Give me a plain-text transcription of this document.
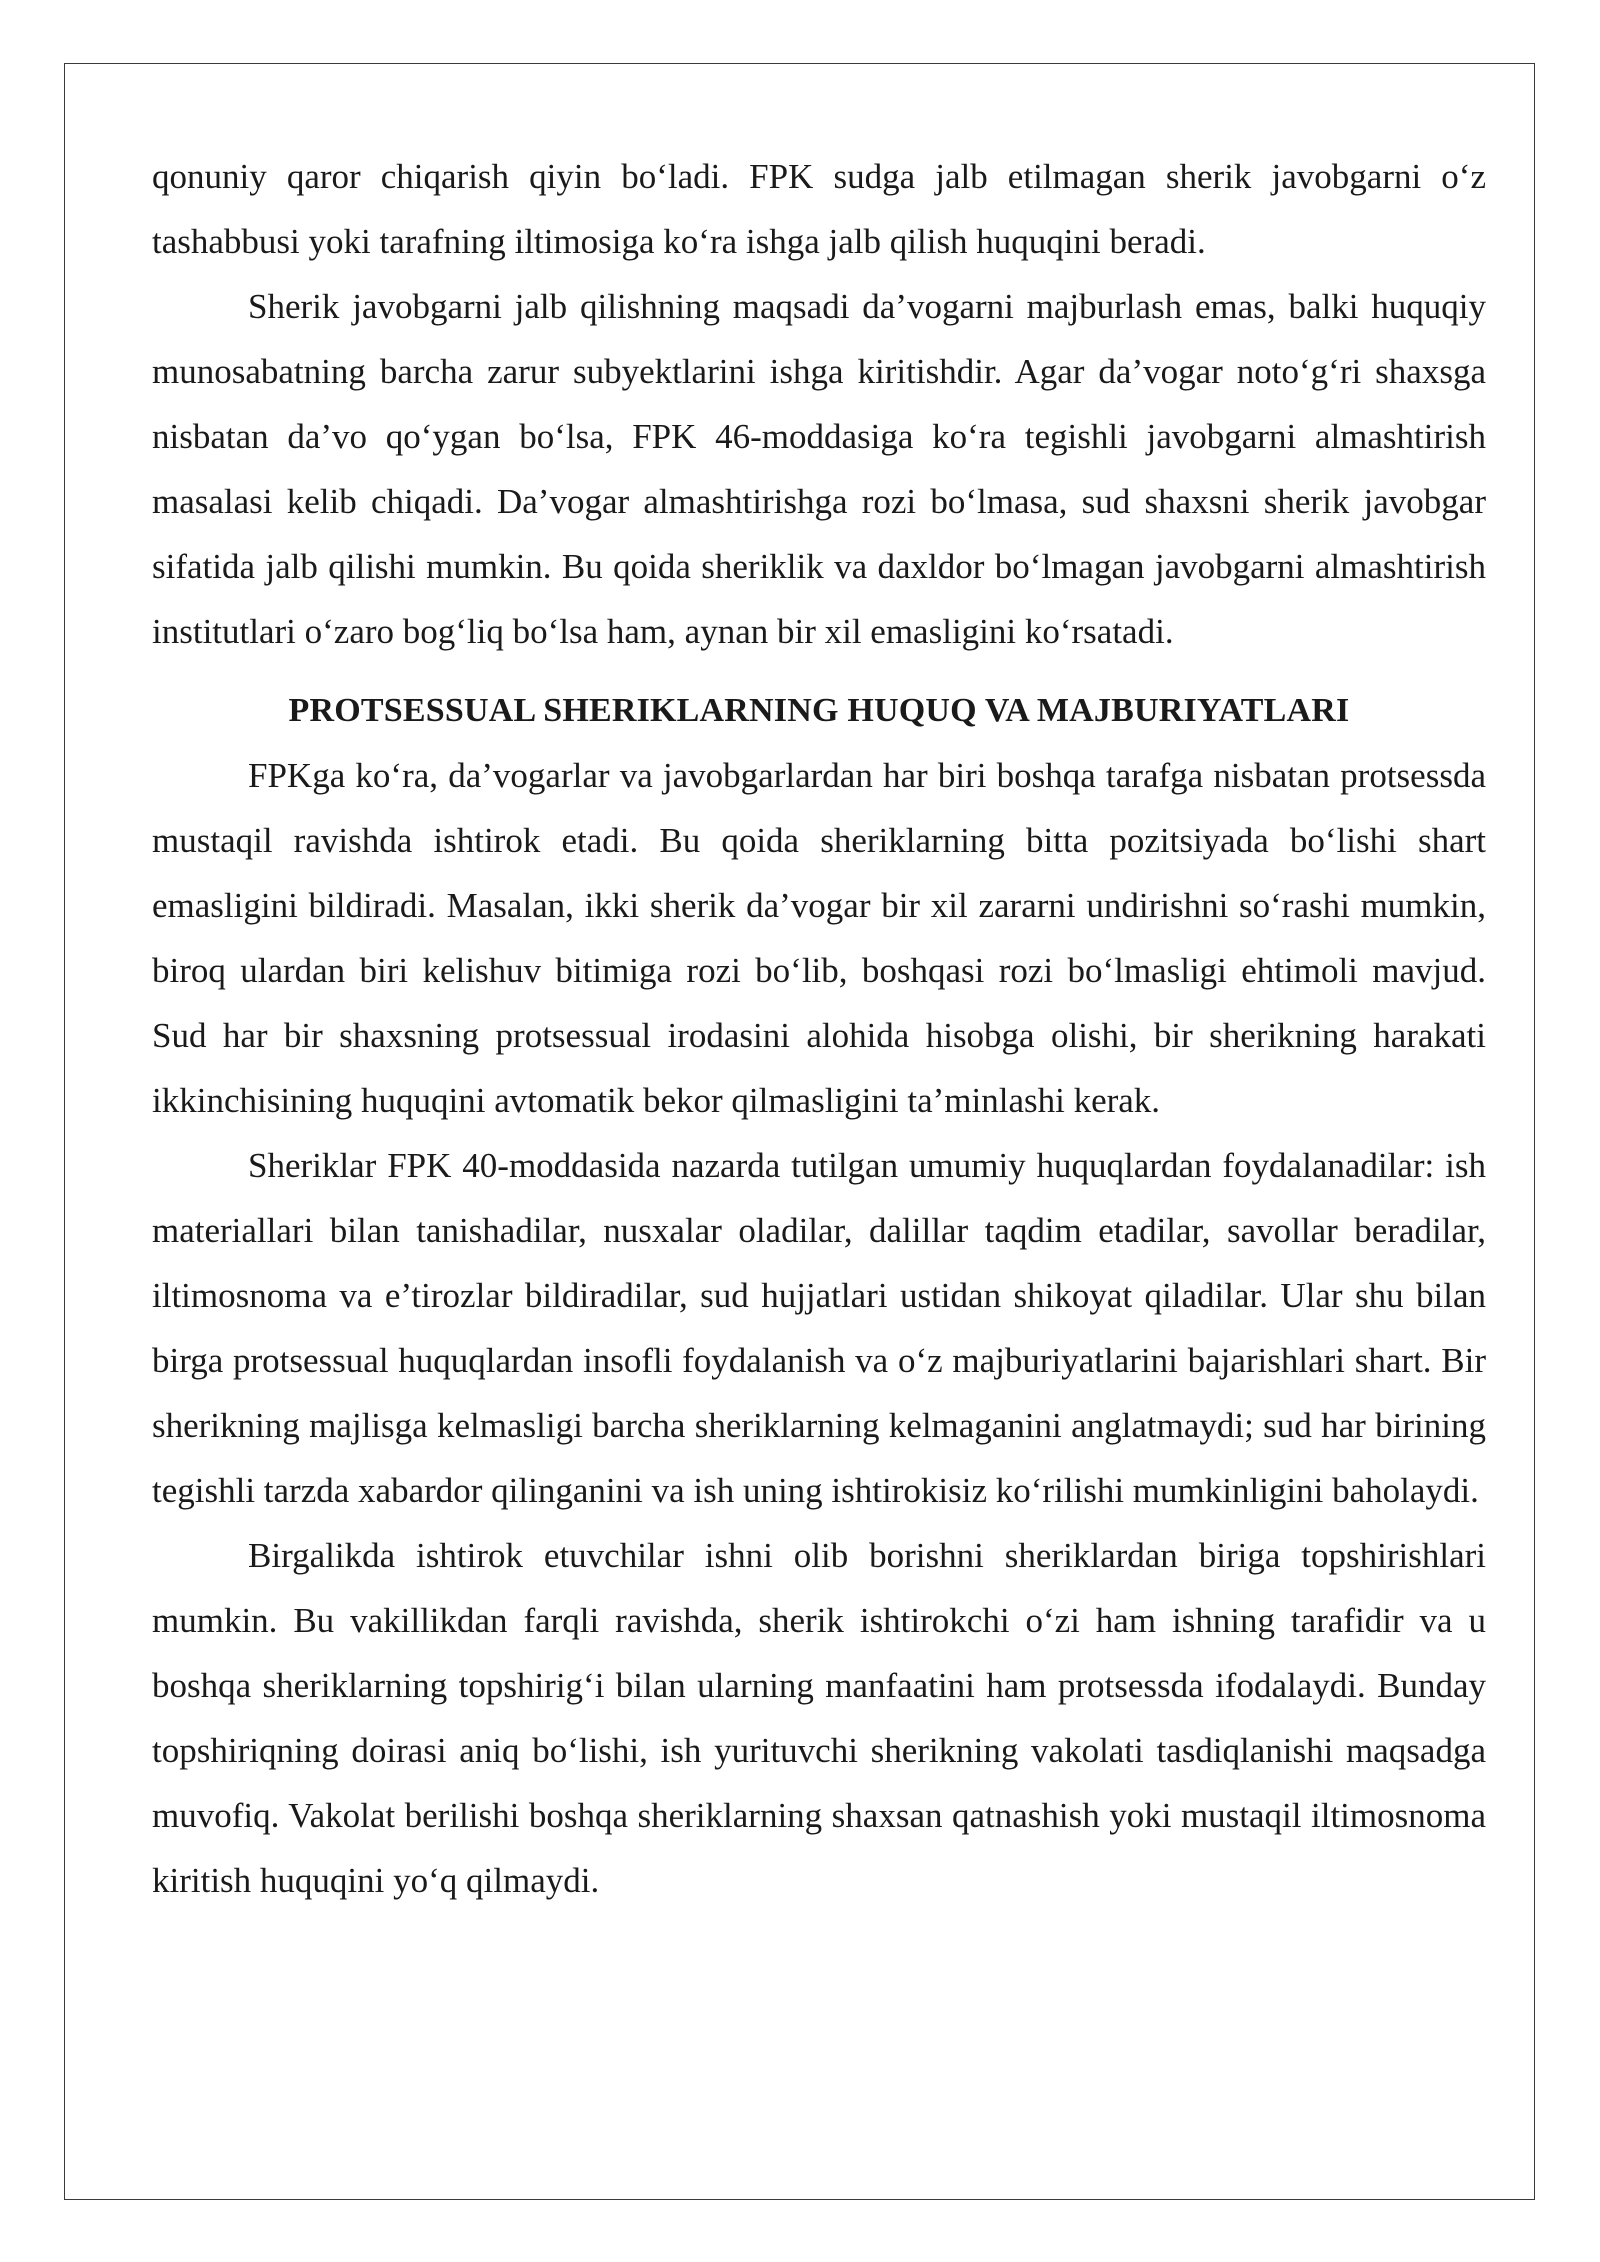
qonuniy qaror chiqarish qiyin boʻladi. FPK sudga jalb etilmagan sherik javobgarni oʻz tashabbusi yoki tarafning iltimosiga koʻra ishga jalb qilish huquqini beradi.

Sherik javobgarni jalb qilishning maqsadi da’vogarni majburlash emas, balki huquqiy munosabatning barcha zarur subyektlarini ishga kiritishdir. Agar da’vogar notoʻgʻri shaxsga nisbatan da’vo qoʻygan boʻlsa, FPK 46-moddasiga koʻra tegishli javobgarni almashtirish masalasi kelib chiqadi. Da’vogar almashtirishga rozi boʻlmasa, sud shaxsni sherik javobgar sifatida jalb qilishi mumkin. Bu qoida sheriklik va daxldor boʻlmagan javobgarni almashtirish institutlari oʻzaro bogʻliq boʻlsa ham, aynan bir xil emasligini koʻrsatadi.

PROTSESSUAL SHERIKLARNING HUQUQ VA MAJBURIYATLARI

FPKga koʻra, da’vogarlar va javobgarlardan har biri boshqa tarafga nisbatan protsessda mustaqil ravishda ishtirok etadi. Bu qoida sheriklarning bitta pozitsiyada boʻlishi shart emasligini bildiradi. Masalan, ikki sherik da’vogar bir xil zararni undirishni soʻrashi mumkin, biroq ulardan biri kelishuv bitimiga rozi boʻlib, boshqasi rozi boʻlmasligi ehtimoli mavjud. Sud har bir shaxsning protsessual irodasini alohida hisobga olishi, bir sherikning harakati ikkinchisining huquqini avtomatik bekor qilmasligini ta’minlashi kerak.

Sheriklar FPK 40-moddasida nazarda tutilgan umumiy huquqlardan foydalanadilar: ish materiallari bilan tanishadilar, nusxalar oladilar, dalillar taqdim etadilar, savollar beradilar, iltimosnoma va e’tirozlar bildiradilar, sud hujjatlari ustidan shikoyat qiladilar. Ular shu bilan birga protsessual huquqlardan insofli foydalanish va oʻz majburiyatlarini bajarishlari shart. Bir sherikning majlisga kelmasligi barcha sheriklarning kelmaganini anglatmaydi; sud har birining tegishli tarzda xabardor qilinganini va ish uning ishtirokisiz koʻrilishi mumkinligini baholaydi.

Birgalikda ishtirok etuvchilar ishni olib borishni sheriklardan biriga topshirishlari mumkin. Bu vakillikdan farqli ravishda, sherik ishtirokchi oʻzi ham ishning tarafidir va u boshqa sheriklarning topshirigʻi bilan ularning manfaatini ham protsessda ifodalaydi. Bunday topshiriqning doirasi aniq boʻlishi, ish yurituvchi sherikning vakolati tasdiqlanishi maqsadga muvofiq. Vakolat berilishi boshqa sheriklarning shaxsan qatnashish yoki mustaqil iltimosnoma kiritish huquqini yoʻq qilmaydi.
